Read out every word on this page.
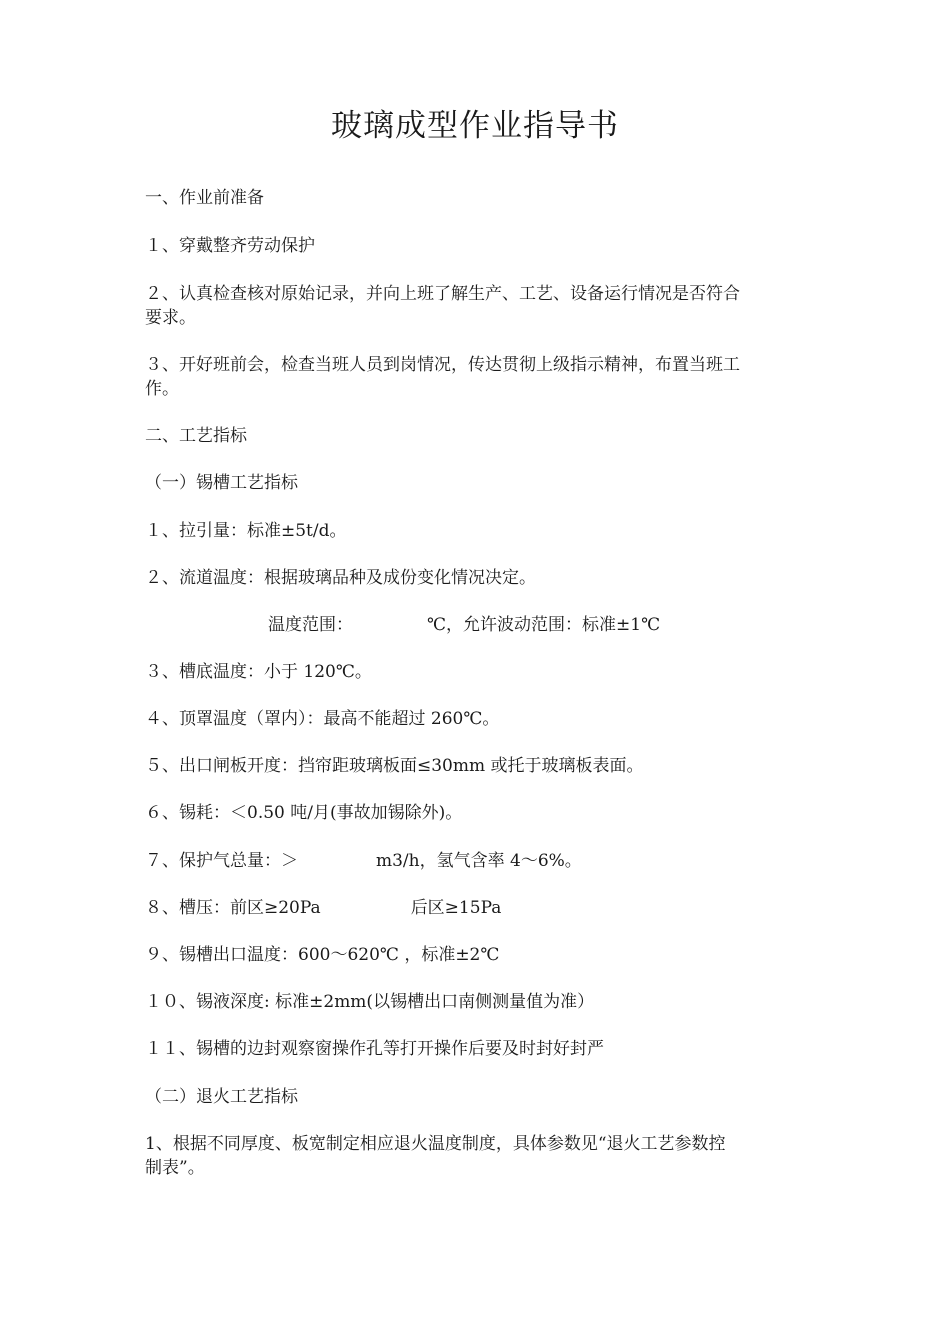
玻璃成型作业指导书
一、作业前准备
１、穿戴整齐劳动保护
２、认真检查核对原始记录，并向上班了解生产、工艺、设备运行情况是否符合
要求。
３、开好班前会，检查当班人员到岗情况，传达贯彻上级指示精神，布置当班工
作。
二、工艺指标
（一）锡槽工艺指标
１、拉引量：标准±5t/d。
２、流道温度：根据玻璃品种及成份变化情况决定。
温度范围：	℃，允许波动范围：标准±1℃
３、槽底温度：小于 120℃。
４、顶罩温度（罩内）：最高不能超过 260℃。
５、出口闸板开度：挡帘距玻璃板面≤30mm 或托于玻璃板表面。
６、锡耗：＜0.50 吨/月(事故加锡除外)。
７、保护气总量：＞	m3/h，氢气含率 4～6%。
８、槽压：前区≥20Pa	后区≥15Pa
９、锡槽出口温度：600～620℃ ，标准±2℃
１０、锡液深度: 标准±2mm(以锡槽出口南侧测量值为准）
１１、锡槽的边封观察窗操作孔等打开操作后要及时封好封严
（二）退火工艺指标
1、根据不同厚度、板宽制定相应退火温度制度，具体参数见“退火工艺参数控
制表”。
